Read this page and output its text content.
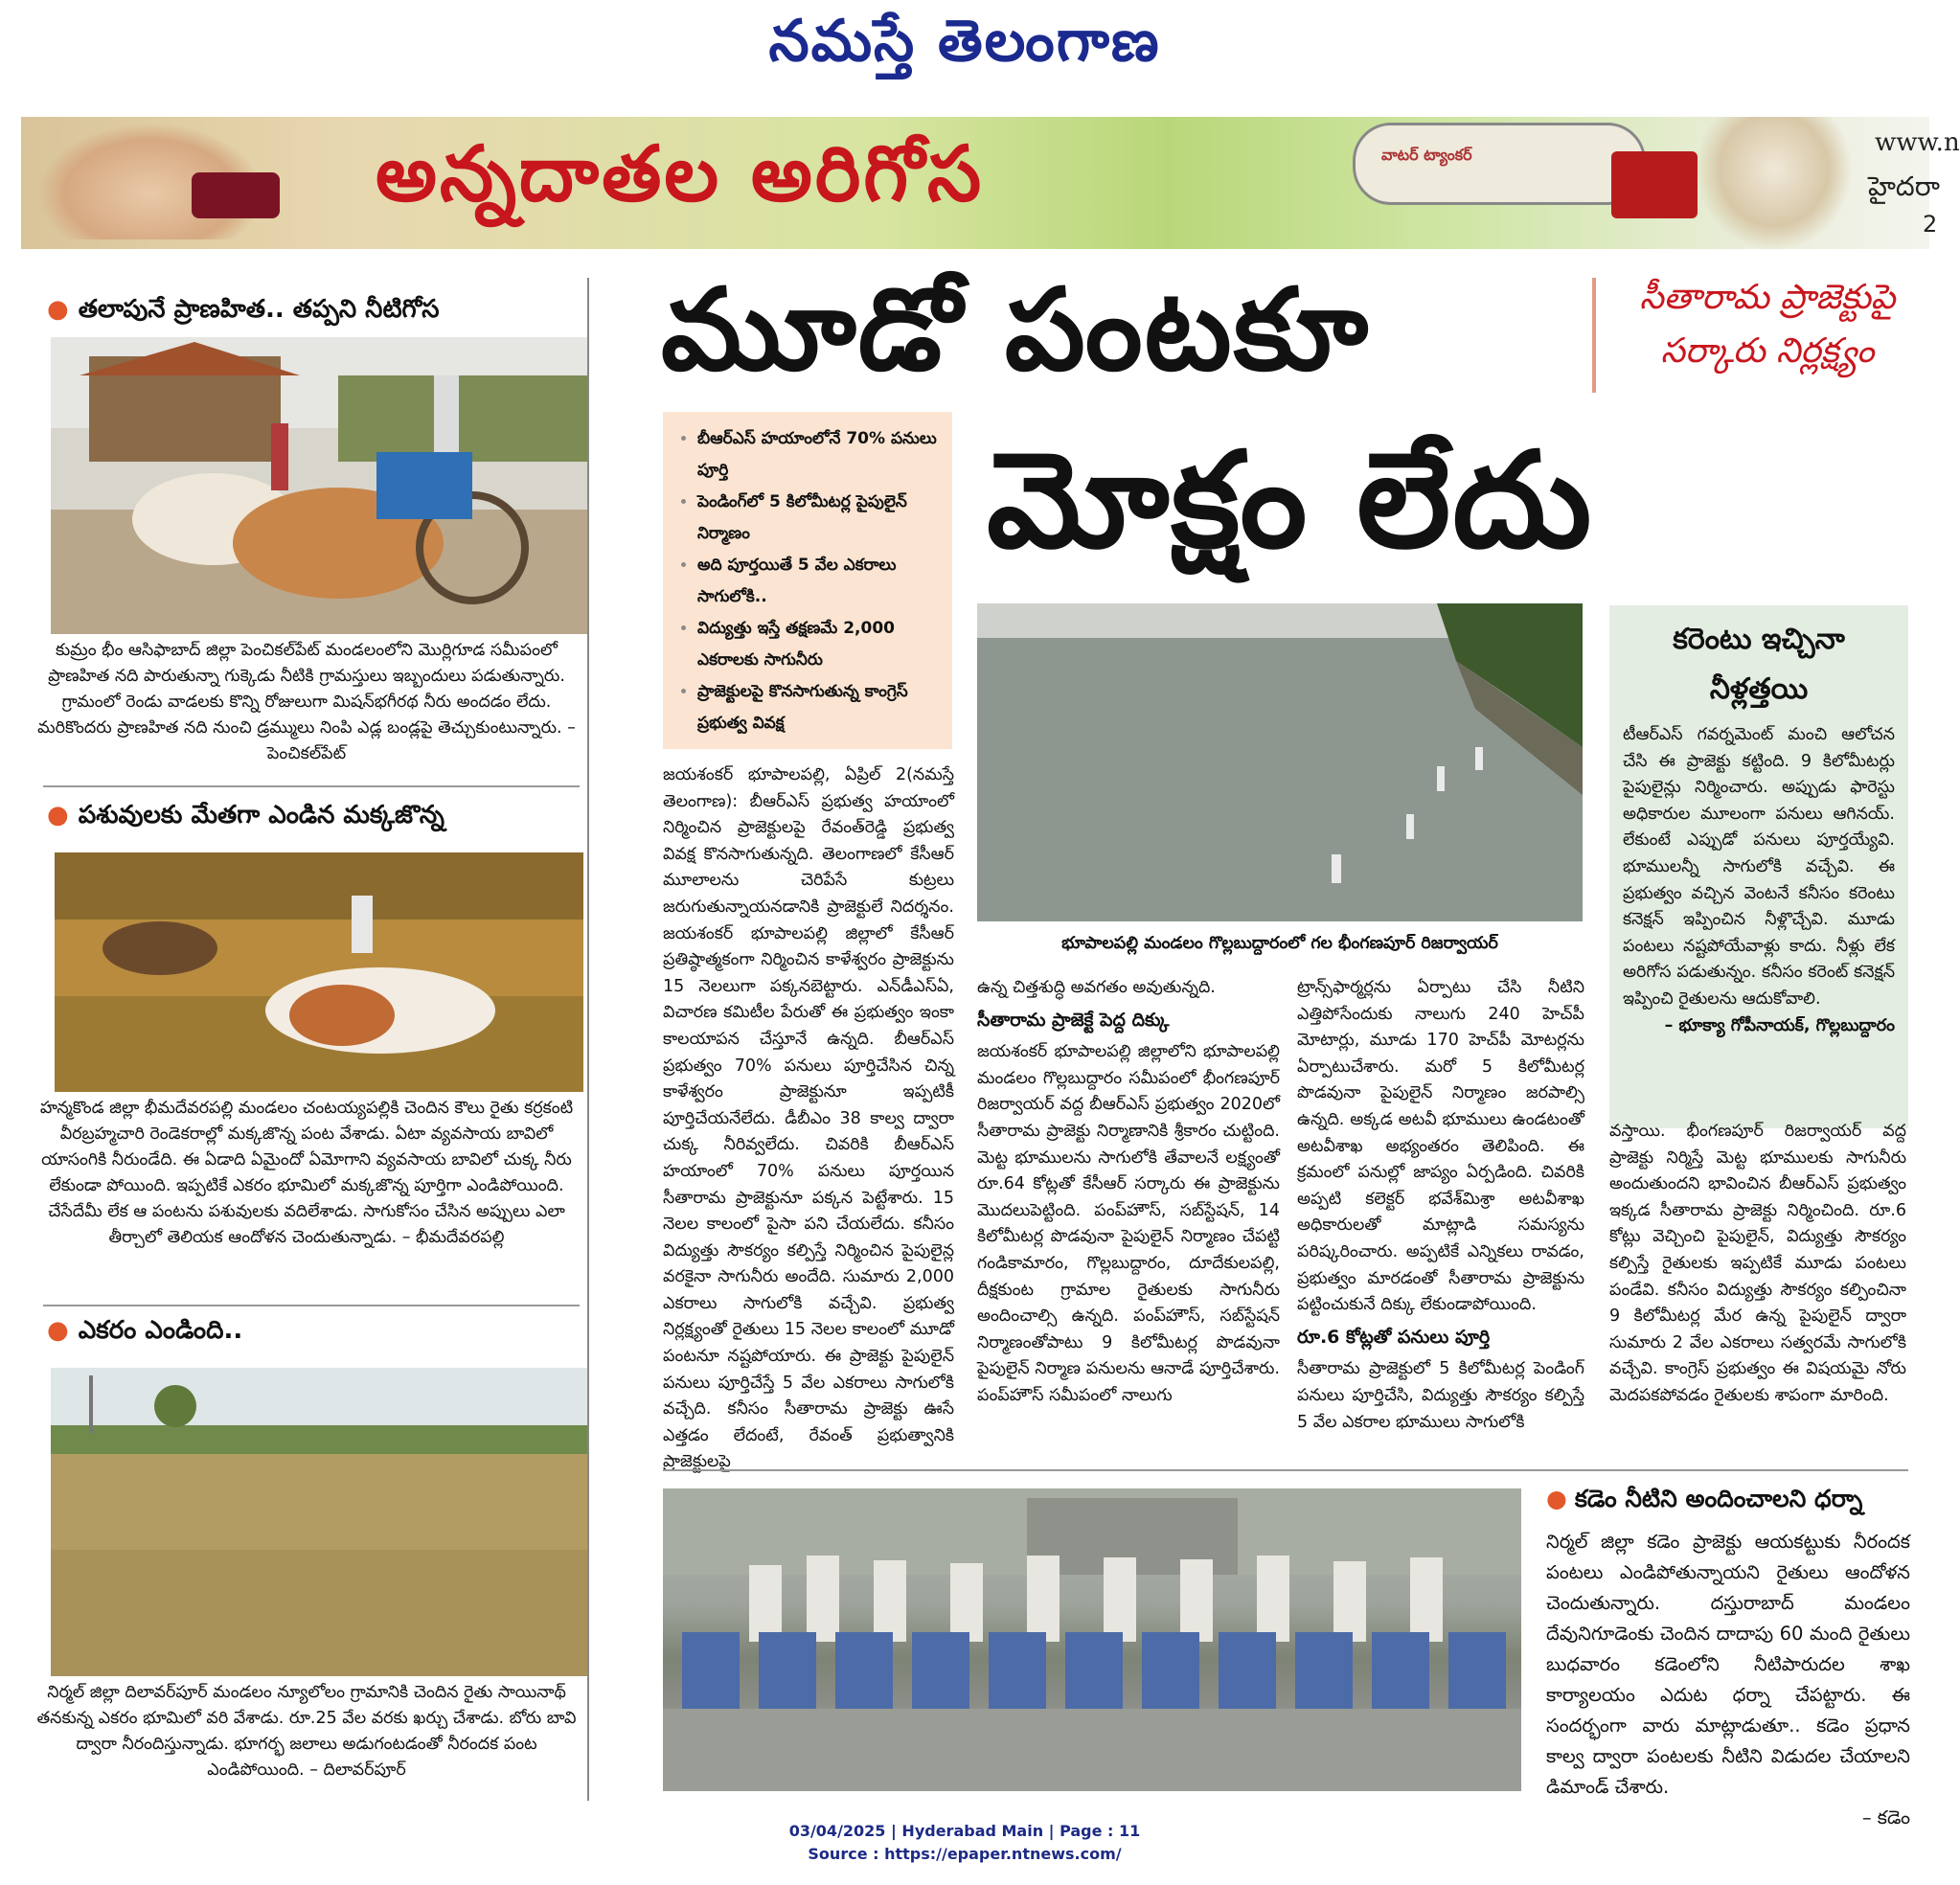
నమస్తే తెలంగాణ
అన్నదాతల అరిగోస	వాటర్ ట్యాంకర్	www.n
హైదరా
2
● తలాపునే ప్రాణహిత.. తప్పని నీటిగోస
కుమ్రం భీం ఆసిఫాబాద్ జిల్లా పెంచికల్‌పేట్ మండలంలోని మొర్లిగూడ సమీపంలో ప్రాణహిత నది పారుతున్నా గుక్కెడు నీటికి గ్రామస్తులు ఇబ్బందులు పడుతున్నారు. గ్రామంలో రెండు వాడలకు కొన్ని రోజులుగా మిషన్‌భగీరథ నీరు అందడం లేదు. మరికొందరు ప్రాణహిత నది నుంచి డ్రమ్ములు నింపి ఎడ్ల బండ్లపై తెచ్చుకుంటున్నారు. – పెంచికల్‌పేట్
● పశువులకు మేతగా ఎండిన మక్కజొన్న
హన్మకొండ జిల్లా భీమదేవరపల్లి మండలం చంటయ్యపల్లికి చెందిన కౌలు రైతు కర్రకంటి వీరబ్రహ్మచారి రెండెకరాల్లో మక్కజొన్న పంట వేశాడు. ఏటా వ్యవసాయ బావిలో యాసంగికి నీరుండేది. ఈ ఏడాది ఏమైందో ఏమోగాని వ్యవసాయ బావిలో చుక్క నీరు లేకుండా పోయింది. ఇప్పటికే ఎకరం భూమిలో మక్కజొన్న పూర్తిగా ఎండిపోయింది. చేసేదేమీ లేక ఆ పంటను పశువులకు వదిలేశాడు. సాగుకోసం చేసిన అప్పులు ఎలా తీర్చాలో తెలియక ఆందోళన చెందుతున్నాడు. – భీమదేవరపల్లి
● ఎకరం ఎండింది..
నిర్మల్ జిల్లా దిలావర్‌పూర్ మండలం న్యూలోలం గ్రామానికి చెందిన రైతు సాయినాథ్ తనకున్న ఎకరం భూమిలో వరి వేశాడు. రూ.25 వేల వరకు ఖర్చు చేశాడు. బోరు బావి ద్వారా నీరందిస్తున్నాడు. భూగర్భ జలాలు అడుగంటడంతో నీరందక పంట ఎండిపోయింది. – దిలావర్‌పూర్
మూడో పంటకూ
మోక్షం లేదు
సీతారామ ప్రాజెక్టుపై సర్కారు నిర్లక్ష్యం
• బీఆర్‌ఎస్ హయాంలోనే 70% పనులు పూర్తి
• పెండింగ్‌లో 5 కిలోమీటర్ల పైపులైన్ నిర్మాణం
• అది పూర్తయితే 5 వేల ఎకరాలు సాగులోకి..
• విద్యుత్తు ఇస్తే తక్షణమే 2,000 ఎకరాలకు సాగునీరు
• ప్రాజెక్టులపై కొనసాగుతున్న కాంగ్రెస్ ప్రభుత్వ వివక్ష
భూపాలపల్లి మండలం గొల్లబుద్దారంలో గల భీంగణపూర్ రిజర్వాయర్
జయశంకర్ భూపాలపల్లి, ఏప్రిల్ 2(నమస్తే తెలంగాణ): బీఆర్‌ఎస్ ప్రభుత్వ హయాంలో నిర్మించిన ప్రాజెక్టులపై రేవంత్‌రెడ్డి ప్రభుత్వ వివక్ష కొనసాగుతున్నది. తెలంగాణలో కేసీఆర్ మూలాలను చెరిపేసే కుట్రలు జరుగుతున్నాయనడానికి ప్రాజెక్టులే నిదర్శనం. జయశంకర్ భూపాలపల్లి జిల్లాలో కేసీఆర్ ప్రతిష్ఠాత్మకంగా నిర్మించిన కాళేశ్వరం ప్రాజెక్టును 15 నెలలుగా పక్కనబెట్టారు. ఎన్‌డీఎస్‌ఏ, విచారణ కమిటీల పేరుతో ఈ ప్రభుత్వం ఇంకా కాలయాపన చేస్తూనే ఉన్నది. బీఆర్‌ఎస్ ప్రభుత్వం 70% పనులు పూర్తిచేసిన చిన్న కాళేశ్వరం ప్రాజెక్టునూ ఇప్పటికీ పూర్తిచేయనేలేదు. డీబీఎం 38 కాల్వ ద్వారా చుక్క నీరివ్వలేదు. చివరికి బీఆర్‌ఎస్ హయాంలో 70% పనులు పూర్తయిన సీతారామ ప్రాజెక్టునూ పక్కన పెట్టేశారు. 15 నెలల కాలంలో పైసా పని చేయలేదు. కనీసం విద్యుత్తు సౌకర్యం కల్పిస్తే నిర్మించిన పైపులైన్ల వరకైనా సాగునీరు అందేది. సుమారు 2,000 ఎకరాలు సాగులోకి వచ్చేవి. ప్రభుత్వ నిర్లక్ష్యంతో రైతులు 15 నెలల కాలంలో మూడో పంటనూ నష్టపోయారు. ఈ ప్రాజెక్టు పైపులైన్ పనులు పూర్తిచేస్తే 5 వేల ఎకరాలు సాగులోకి వచ్చేది. కనీసం సీతారామ ప్రాజెక్టు ఊసే ఎత్తడం లేదంటే, రేవంత్ ప్రభుత్వానికి ప్రాజెక్టులపై
ఉన్న చిత్తశుద్ధి అవగతం అవుతున్నది.
సీతారామ ప్రాజెక్టే పెద్ద దిక్కు
జయశంకర్ భూపాలపల్లి జిల్లాలోని భూపాలపల్లి మండలం గొల్లబుద్దారం సమీపంలో భీంగణపూర్ రిజర్వాయర్ వద్ద బీఆర్‌ఎస్ ప్రభుత్వం 2020లో సీతారామ ప్రాజెక్టు నిర్మాణానికి శ్రీకారం చుట్టింది. మెట్ట భూములను సాగులోకి తేవాలనే లక్ష్యంతో రూ.64 కోట్లతో కేసీఆర్ సర్కారు ఈ ప్రాజెక్టును మొదలుపెట్టింది. పంప్‌హౌస్, సబ్‌స్టేషన్, 14 కిలోమీటర్ల పొడవునా పైపులైన్ నిర్మాణం చేపట్టి గండికామారం, గొల్లబుద్దారం, దూదేకులపల్లి, దీక్షకుంట గ్రామాల రైతులకు సాగునీరు అందించాల్సి ఉన్నది. పంప్‌హౌస్, సబ్‌స్టేషన్ నిర్మాణంతోపాటు 9 కిలోమీటర్ల పొడవునా పైపులైన్ నిర్మాణ పనులను ఆనాడే పూర్తిచేశారు. పంప్‌హౌస్ సమీపంలో నాలుగు
ట్రాన్స్‌ఫార్మర్లను ఏర్పాటు చేసి నీటిని ఎత్తిపోసేందుకు నాలుగు 240 హెచ్‌పీ మోటార్లు, మూడు 170 హెచ్‌పీ మోటర్లను ఏర్పాటుచేశారు. మరో 5 కిలోమీటర్ల పొడవునా పైపులైన్ నిర్మాణం జరపాల్సి ఉన్నది. అక్కడ అటవీ భూములు ఉండటంతో అటవీశాఖ అభ్యంతరం తెలిపింది. ఈ క్రమంలో పనుల్లో జాప్యం ఏర్పడింది. చివరికి అప్పటి కలెక్టర్ భవేశ్‌మిశ్రా అటవీశాఖ అధికారులతో మాట్లాడి సమస్యను పరిష్కరించారు. అప్పటికే ఎన్నికలు రావడం, ప్రభుత్వం మారడంతో సీతారామ ప్రాజెక్టును పట్టించుకునే దిక్కు లేకుండాపోయింది.
రూ.6 కోట్లతో పనులు పూర్తి
సీతారామ ప్రాజెక్టులో 5 కిలోమీటర్ల పెండింగ్ పనులు పూర్తిచేసి, విద్యుత్తు సౌకర్యం కల్పిస్తే 5 వేల ఎకరాల భూములు సాగులోకి
కరెంటు ఇచ్చినా నీళ్లత్తయి
టీఆర్‌ఎస్ గవర్నమెంట్ మంచి ఆలోచన చేసి ఈ ప్రాజెక్టు కట్టింది. 9 కిలోమీటర్లు పైపులైన్లు నిర్మించారు. అప్పుడు ఫారెస్టు అధికారుల మూలంగా పనులు ఆగినయ్. లేకుంటే ఎప్పుడో పనులు పూర్తయ్యేవి. భూములన్నీ సాగులోకి వచ్చేవి. ఈ ప్రభుత్వం వచ్చిన వెంటనే కనీసం కరెంటు కనెక్షన్ ఇప్పించిన నీళ్లొచ్చేవి. మూడు పంటలు నష్టపోయేవాళ్లు కాదు. నీళ్లు లేక అరిగోస పడుతున్నం. కనీసం కరెంట్ కనెక్షన్ ఇప్పించి రైతులను ఆదుకోవాలి.
– భూక్యా గోపీనాయక్, గొల్లబుద్దారం
వస్తాయి. భీంగణపూర్ రిజర్వాయర్ వద్ద ప్రాజెక్టు నిర్మిస్తే మెట్ట భూములకు సాగునీరు అందుతుందని భావించిన బీఆర్‌ఎస్ ప్రభుత్వం ఇక్కడ సీతారామ ప్రాజెక్టు నిర్మించింది. రూ.6 కోట్లు వెచ్చించి పైపులైన్, విద్యుత్తు సౌకర్యం కల్పిస్తే రైతులకు ఇప్పటికే మూడు పంటలు పండేవి. కనీసం విద్యుత్తు సౌకర్యం కల్పించినా 9 కిలోమీటర్ల మేర ఉన్న పైపులైన్ ద్వారా సుమారు 2 వేల ఎకరాలు సత్వరమే సాగులోకి వచ్చేవి. కాంగ్రెస్ ప్రభుత్వం ఈ విషయమై నోరు మెదపకపోవడం రైతులకు శాపంగా మారింది.
● కడెం నీటిని అందించాలని ధర్నా
నిర్మల్ జిల్లా కడెం ప్రాజెక్టు ఆయకట్టుకు నీరందక పంటలు ఎండిపోతున్నాయని రైతులు ఆందోళన చెందుతున్నారు. దస్తురాబాద్ మండలం దేవునిగూడెంకు చెందిన దాదాపు 60 మంది రైతులు బుధవారం కడెంలోని నీటిపారుదల శాఖ కార్యాలయం ఎదుట ధర్నా చేపట్టారు. ఈ సందర్భంగా వారు మాట్లాడుతూ.. కడెం ప్రధాన కాల్వ ద్వారా పంటలకు నీటిని విడుదల చేయాలని డిమాండ్ చేశారు.
– కడెం
03/04/2025 | Hyderabad Main | Page : 11
Source : https://epaper.ntnews.com/
